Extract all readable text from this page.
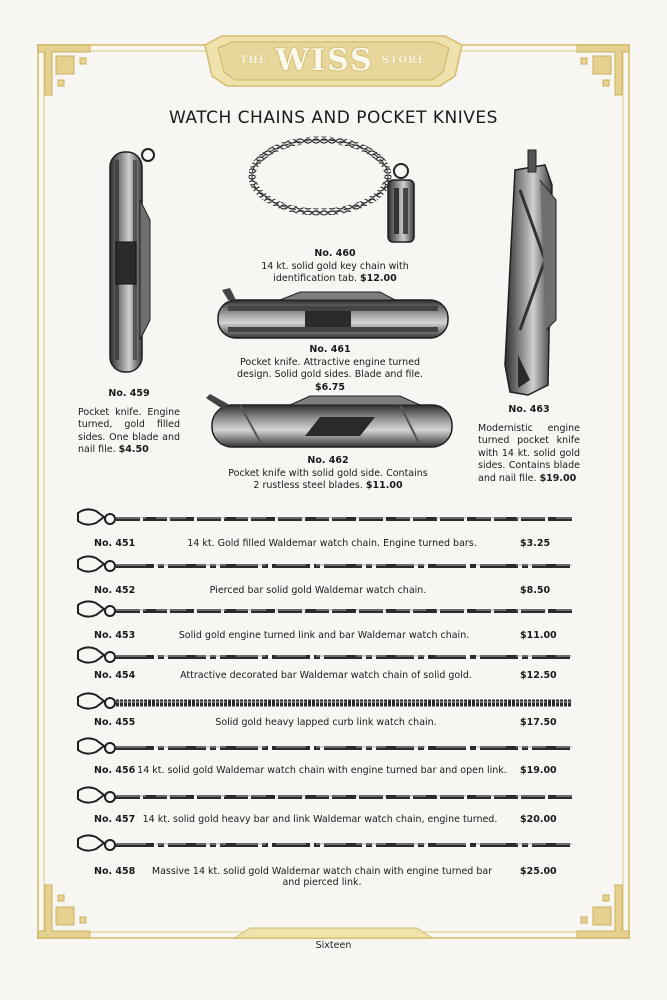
THE WISS STORE
WATCH CHAINS AND POCKET KNIVES
No. 459
Pocket knife. Engine turned, gold filled sides. One blade and nail file. $4.50
No. 460
14 kt. solid gold key chain with identification tab. $12.00
No. 461
Pocket knife. Attractive engine turned design. Solid gold sides. Blade and file.
$6.75
No. 462
Pocket knife with solid gold side. Contains 2 rustless steel blades. $11.00
No. 463
Modernistic engine turned pocket knife with 14 kt. solid gold sides. Contains blade and nail file. $19.00
No. 451	14 kt. Gold filled Waldemar watch chain. Engine turned bars.	$3.25
No. 452	Pierced bar solid gold Waldemar watch chain.	$8.50
No. 453	Solid gold engine turned link and bar Waldemar watch chain.	$11.00
No. 454	Attractive decorated bar Waldemar watch chain of solid gold.	$12.50
No. 455	Solid gold heavy lapped curb link watch chain.	$17.50
No. 456 14 kt. solid gold Waldemar watch chain with engine turned bar and open link. $19.00
No. 457 14 kt. solid gold heavy bar and link Waldemar watch chain, engine turned. $20.00
No. 458	Massive 14 kt. solid gold Waldemar watch chain with engine turned bar and pierced link.
$25.00
Sixteen
